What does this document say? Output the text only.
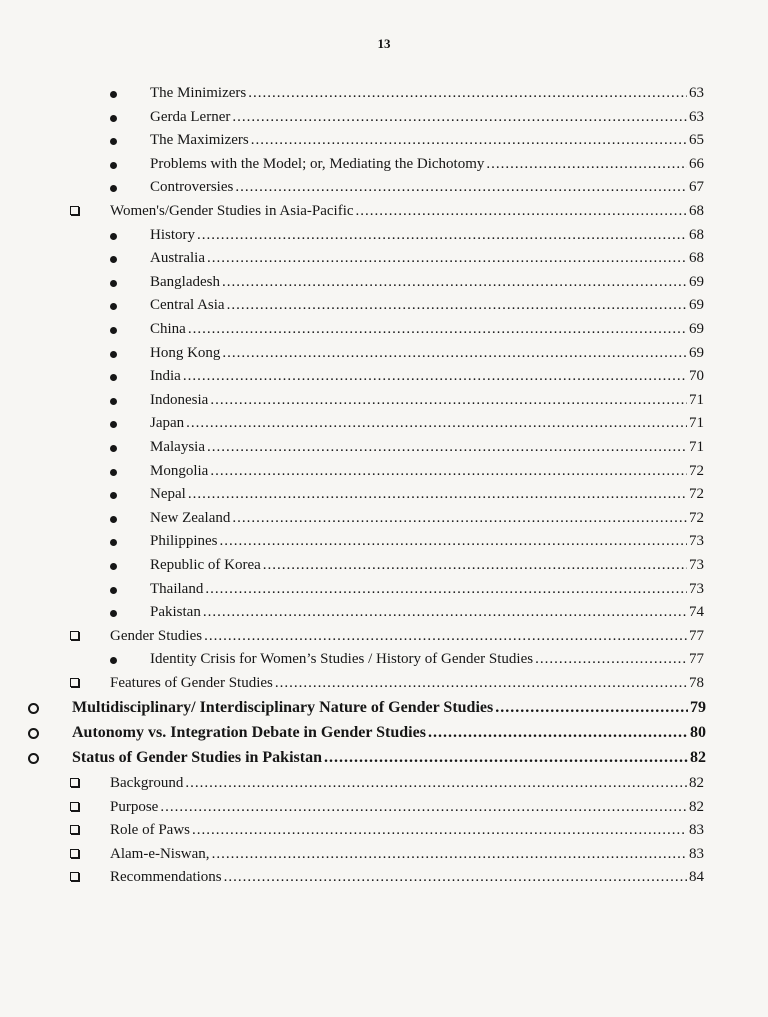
13
The Minimizers .....	63
Gerda Lerner .....	63
The Maximizers .....	65
Problems with the Model; or, Mediating the Dichotomy .....	66
Controversies .....	67
Women's/Gender Studies in Asia-Pacific .....	68
History .....	68
Australia .....	68
Bangladesh .....	69
Central Asia .....	69
China .....	69
Hong Kong .....	69
India .....	70
Indonesia .....	71
Japan .....	71
Malaysia .....	71
Mongolia .....	72
Nepal .....	72
New Zealand .....	72
Philippines .....	73
Republic of Korea .....	73
Thailand .....	73
Pakistan .....	74
Gender Studies .....	77
Identity Crisis for Women’s Studies / History of Gender Studies .....	77
Features of Gender Studies .....	78
Multidisciplinary/ Interdisciplinary Nature of Gender Studies .....	79
Autonomy vs. Integration Debate in Gender Studies .....	80
Status of Gender Studies in Pakistan .....	82
Background .....	82
Purpose .....	82
Role of Paws .....	83
Alam-e-Niswan, .....	83
Recommendations .....	84
